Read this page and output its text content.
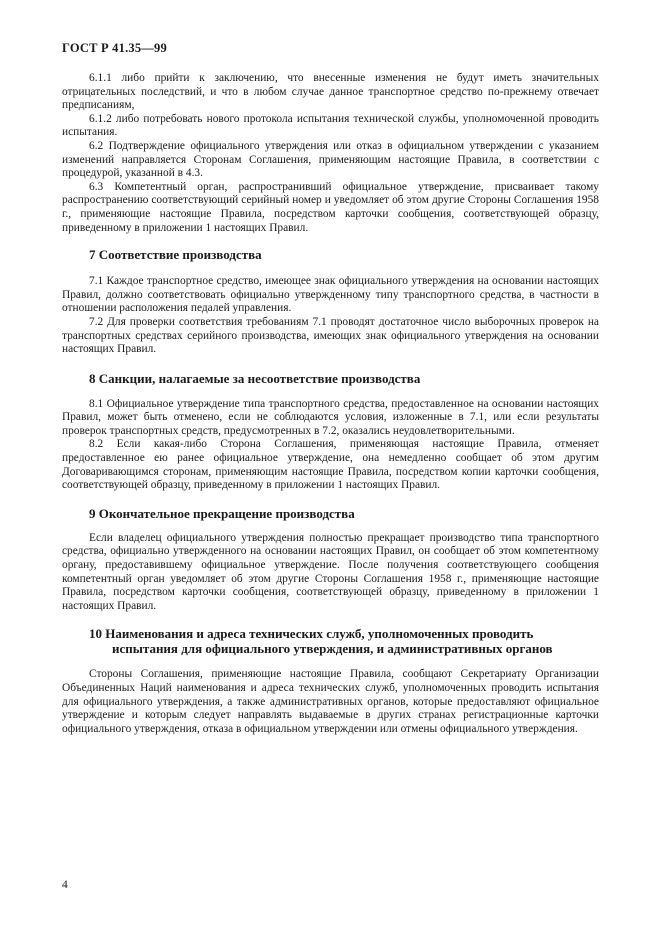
ГОСТ Р 41.35—99

6.1.1 либо прийти к заключению, что внесенные изменения не будут иметь значительных отрицательных последствий, и что в любом случае данное транспортное средство по-прежнему отвечает предписаниям,

6.1.2 либо потребовать нового протокола испытания технической службы, уполномоченной проводить испытания.

6.2 Подтверждение официального утверждения или отказ в официальном утверждении с указанием изменений направляется Сторонам Соглашения, применяющим настоящие Правила, в соответствии с процедурой, указанной в 4.3.

6.3 Компетентный орган, распространивший официальное утверждение, присваивает такому распространению соответствующий серийный номер и уведомляет об этом другие Стороны Соглашения 1958 г., применяющие настоящие Правила, посредством карточки сообщения, соответствующей образцу, приведенному в приложении 1 настоящих Правил.

7 Соответствие производства

7.1 Каждое транспортное средство, имеющее знак официального утверждения на основании настоящих Правил, должно соответствовать официально утвержденному типу транспортного средства, в частности в отношении расположения педалей управления.

7.2 Для проверки соответствия требованиям 7.1 проводят достаточное число выборочных проверок на транспортных средствах серийного производства, имеющих знак официального утверждения на основании настоящих Правил.

8 Санкции, налагаемые за несоответствие производства

8.1 Официальное утверждение типа транспортного средства, предоставленное на основании настоящих Правил, может быть отменено, если не соблюдаются условия, изложенные в 7.1, или если результаты проверок транспортных средств, предусмотренных в 7.2, оказались неудовлетворительными.

8.2 Если какая-либо Сторона Соглашения, применяющая настоящие Правила, отменяет предоставленное ею ранее официальное утверждение, она немедленно сообщает об этом другим Договаривающимся сторонам, применяющим настоящие Правила, посредством копии карточки сообщения, соответствующей образцу, приведенному в приложении 1 настоящих Правил.

9 Окончательное прекращение производства

Если владелец официального утверждения полностью прекращает производство типа транспортного средства, официально утвержденного на основании настоящих Правил, он сообщает об этом компетентному органу, предоставившему официальное утверждение. После получения соответствующего сообщения компетентный орган уведомляет об этом другие Стороны Соглашения 1958 г., применяющие настоящие Правила, посредством карточки сообщения, соответствующей образцу, приведенному в приложении 1 настоящих Правил.

10 Наименования и адреса технических служб, уполномоченных проводить испытания для официального утверждения, и административных органов

Стороны Соглашения, применяющие настоящие Правила, сообщают Секретариату Организации Объединенных Наций наименования и адреса технических служб, уполномоченных проводить испытания для официального утверждения, а также административных органов, которые предоставляют официальное утверждение и которым следует направлять выдаваемые в других странах регистрационные карточки официального утверждения, отказа в официальном утверждении или отмены официального утверждения.

4
